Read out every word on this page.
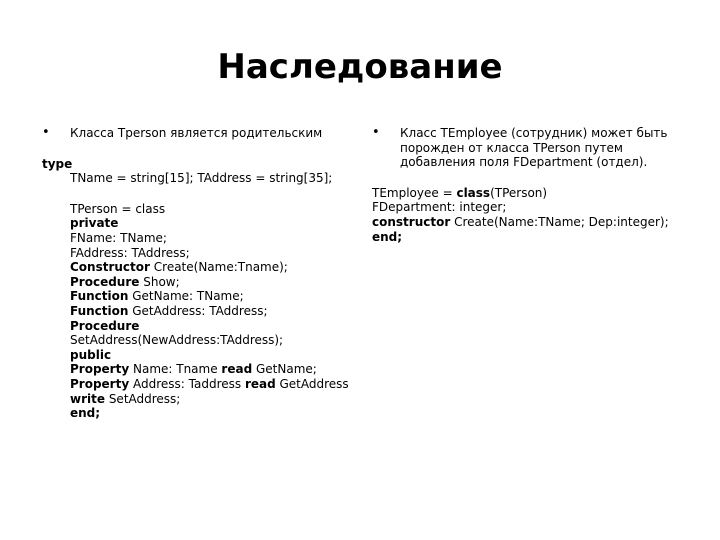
Наследование
• Класса Tperson является родительским
type
TName = string[15]; TAddress = string[35];
TPerson = class
private
FName: TName;
FAddress: TAddress;
Constructor Create(Name:Tname);
Procedure Show;
Function GetName: TName;
Function GetAddress: TAddress;
Procedure
SetAddress(NewAddress:TAddress);
public
Property Name: Tname read GetName;
Property Address: Taddress read GetAddress
write SetAddress;
end;
• Класс TEmployee (сотрудник) может быть порожден от класса TPerson путем добавления поля FDepartment (отдел).
TEmployee = class(TPerson)
FDepartment: integer;
constructor Create(Name:TName; Dep:integer);
end;
